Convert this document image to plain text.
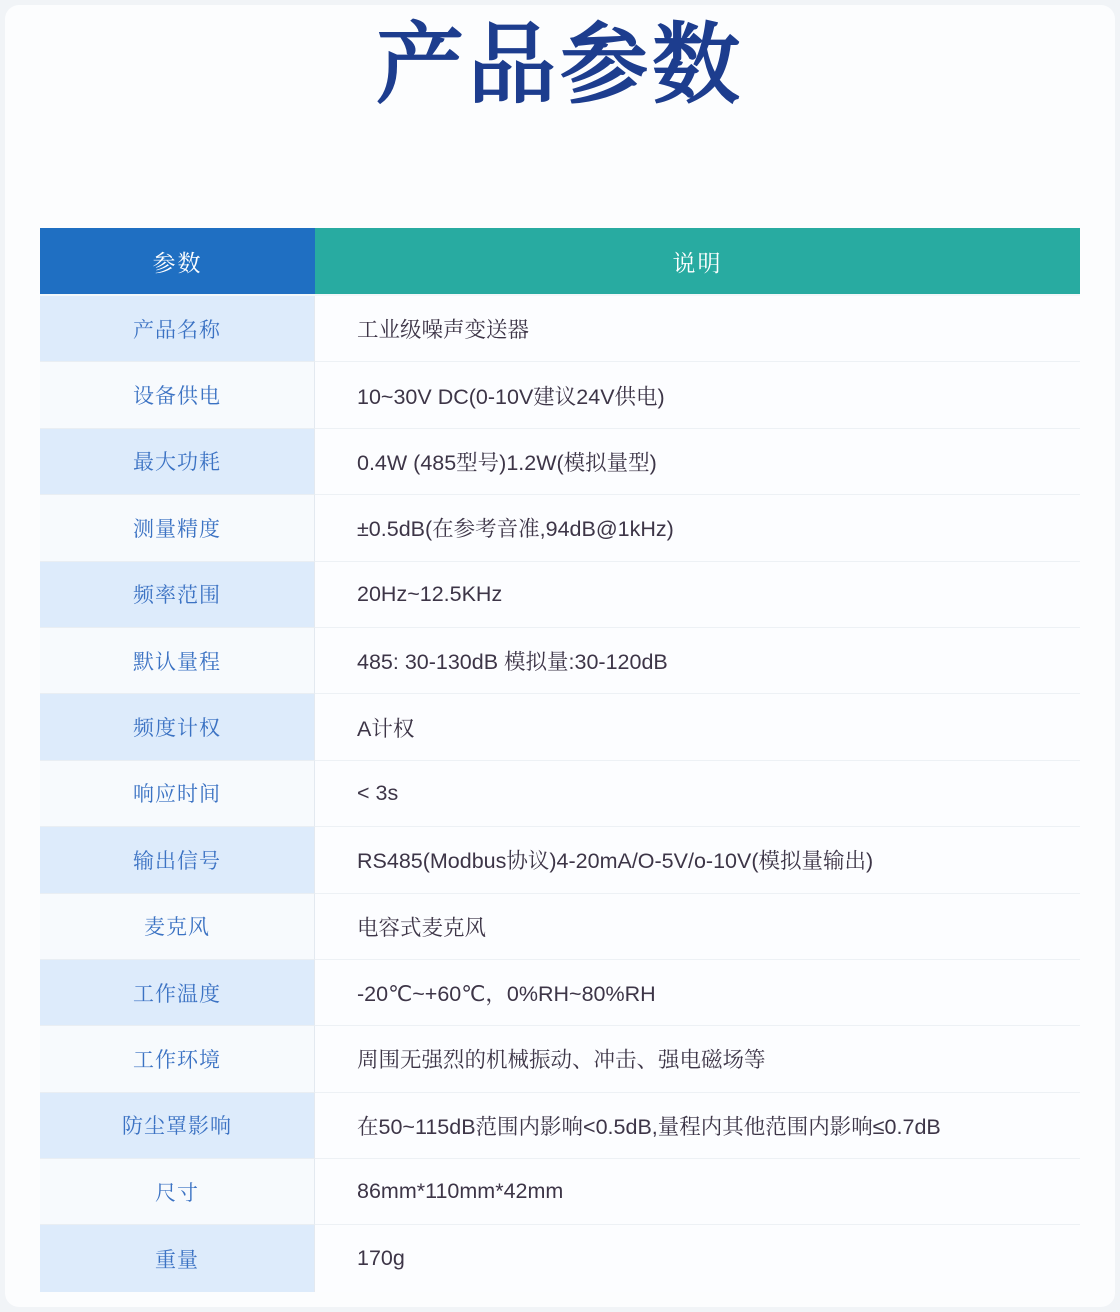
产品参数
参数	说明
产品名称	工业级噪声变送器
设备供电	10~30V DC(0-10V建议24V供电)
最大功耗	0.4W (485型号)1.2W(模拟量型)
测量精度	±0.5dB(在参考音准,94dB@1kHz)
频率范围	20Hz~12.5KHz
默认量程	485: 30-130dB 模拟量:30-120dB
频度计权	A计权
响应时间	< 3s
输出信号	RS485(Modbus协议)4-20mA/O-5V/o-10V(模拟量输出)
麦克风	电容式麦克风
工作温度	-20℃~+60℃，0%RH~80%RH
工作环境	周围无强烈的机械振动、冲击、强电磁场等
防尘罩影响	在50~115dB范围内影响<0.5dB,量程内其他范围内影响≤0.7dB
尺寸	86mm*110mm*42mm
重量	170g
